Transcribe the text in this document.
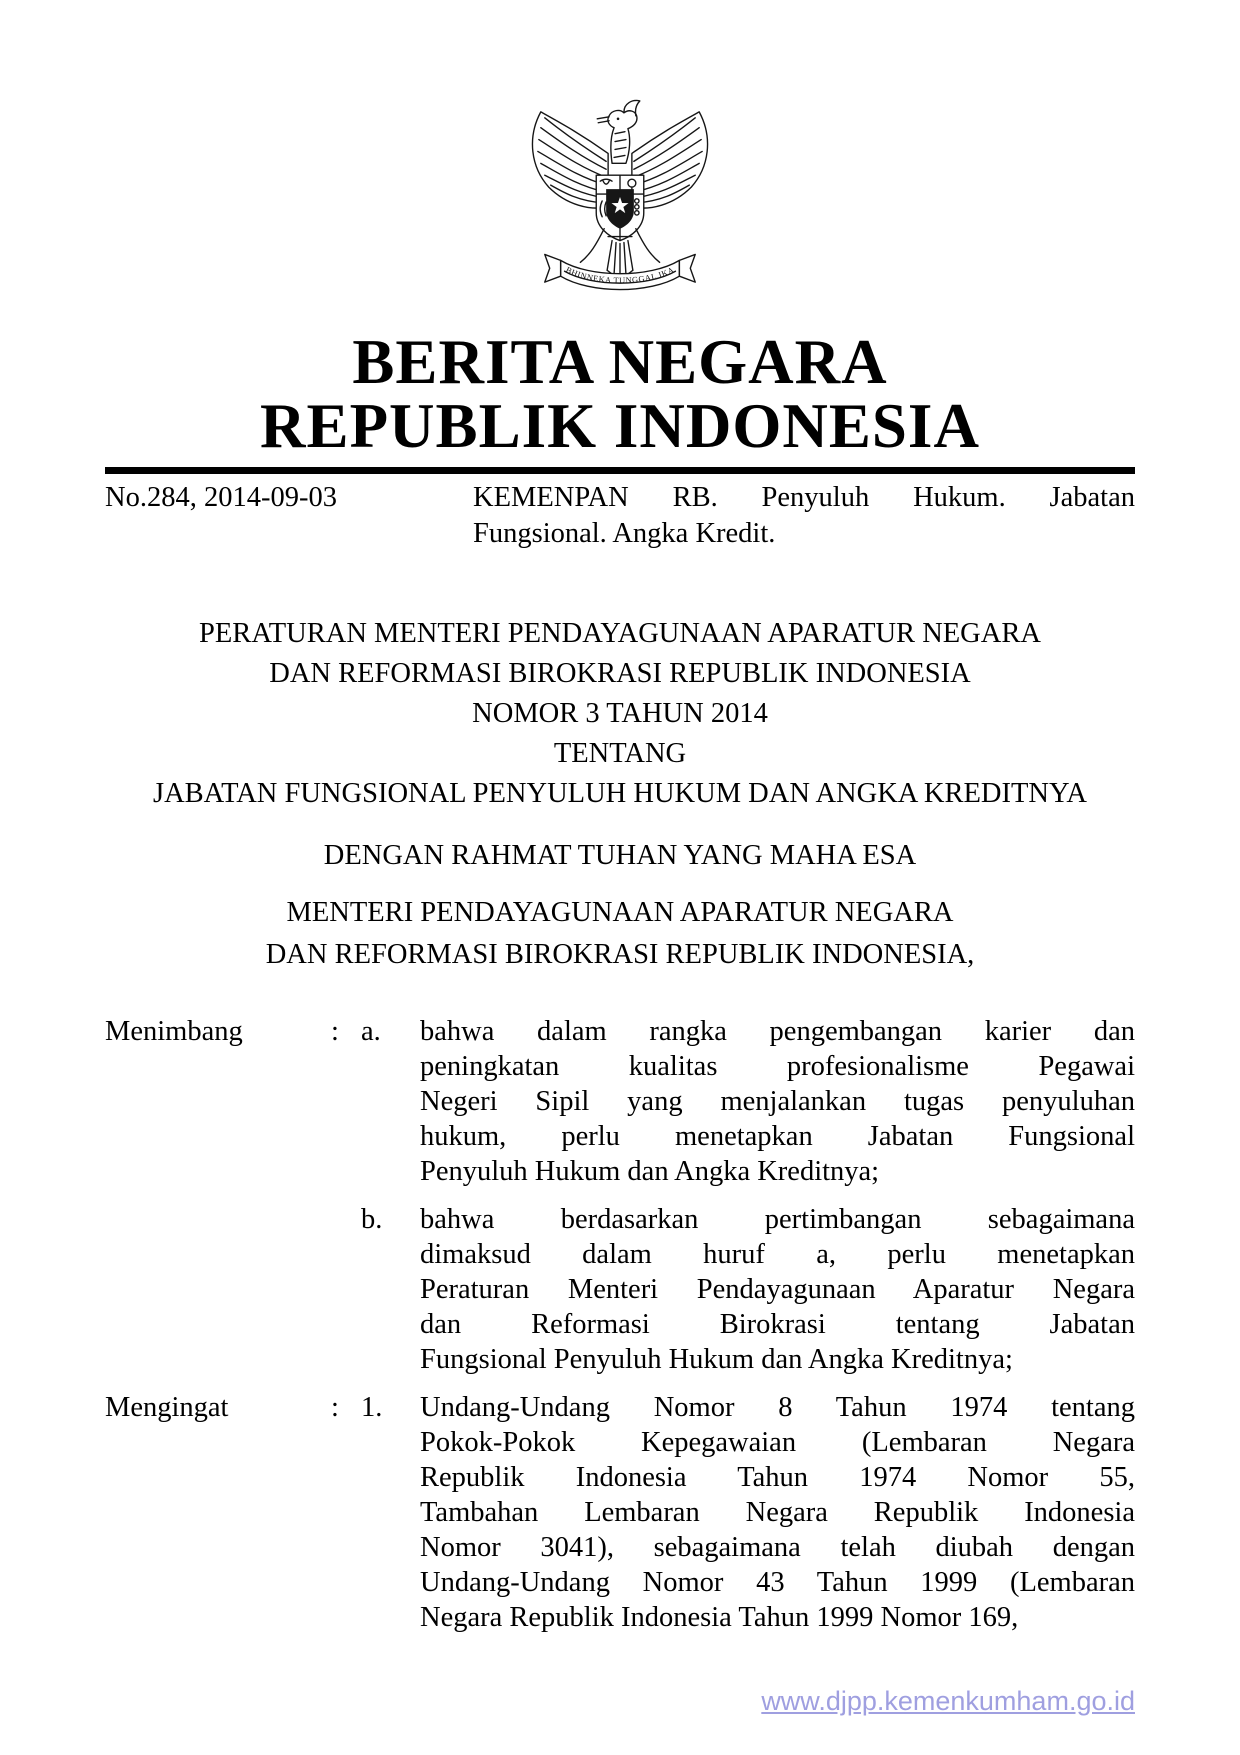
BHINNEKA TUNGGAL IKA
BERITA NEGARA
REPUBLIK INDONESIA
No.284, 2014-09-03	KEMENPAN RB. Penyuluh Hukum. Jabatan
Fungsional. Angka Kredit.
PERATURAN MENTERI PENDAYAGUNAAN APARATUR NEGARA
DAN REFORMASI BIROKRASI REPUBLIK INDONESIA
NOMOR 3 TAHUN 2014
TENTANG
JABATAN FUNGSIONAL PENYULUH HUKUM DAN ANGKA KREDITNYA
DENGAN RAHMAT TUHAN YANG MAHA ESA
MENTERI PENDAYAGUNAAN APARATUR NEGARA
DAN REFORMASI BIROKRASI REPUBLIK INDONESIA,
Menimbang	: a.	bahwa dalam rangka pengembangan karier dan
peningkatan kualitas profesionalisme Pegawai
Negeri Sipil yang menjalankan tugas penyuluhan
hukum, perlu menetapkan Jabatan Fungsional
Penyuluh Hukum dan Angka Kreditnya;
b.	bahwa berdasarkan pertimbangan sebagaimana
dimaksud dalam huruf a, perlu menetapkan
Peraturan Menteri Pendayagunaan Aparatur Negara
dan Reformasi Birokrasi tentang Jabatan
Fungsional Penyuluh Hukum dan Angka Kreditnya;
Mengingat	: 1.	Undang-Undang Nomor 8 Tahun 1974 tentang
Pokok-Pokok Kepegawaian (Lembaran Negara
Republik Indonesia Tahun 1974 Nomor 55,
Tambahan Lembaran Negara Republik Indonesia
Nomor 3041), sebagaimana telah diubah dengan
Undang-Undang Nomor 43 Tahun 1999 (Lembaran
Negara Republik Indonesia Tahun 1999 Nomor 169,
www.djpp.kemenkumham.go.id
